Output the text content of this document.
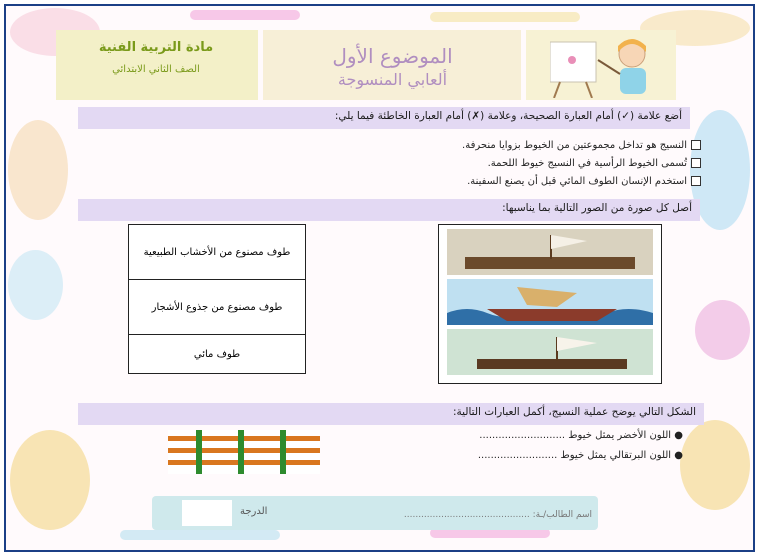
مادة التربية الفنية
الصف الثاني الابتدائي
الموضوع الأول
ألعابي المنسوجة
أضع علامة (✓) أمام العبارة الصحيحة، وعلامة (✗) أمام العبارة الخاطئة فيما يلي:
النسيج هو تداخل مجموعتين من الخيوط بزوايا منحرفة.
تُسمى الخيوط الرأسية في النسيج خيوط اللحمة.
استخدم الإنسان الطوف المائي قبل أن يصنع السفينة.
أصل كل صورة من الصور التالية بما يناسبها:
طوف مصنوع من الأخشاب الطبيعية
طوف مصنوع من جذوع الأشجار
طوف مائي
الشكل التالي يوضح عملية النسيج، أكمل العبارات التالية:
● اللون الأخضر يمثل خيوط ...........................
● اللون البرتقالي يمثل خيوط .........................
الدرجة	اسم الطالب/ـة: ............................................
